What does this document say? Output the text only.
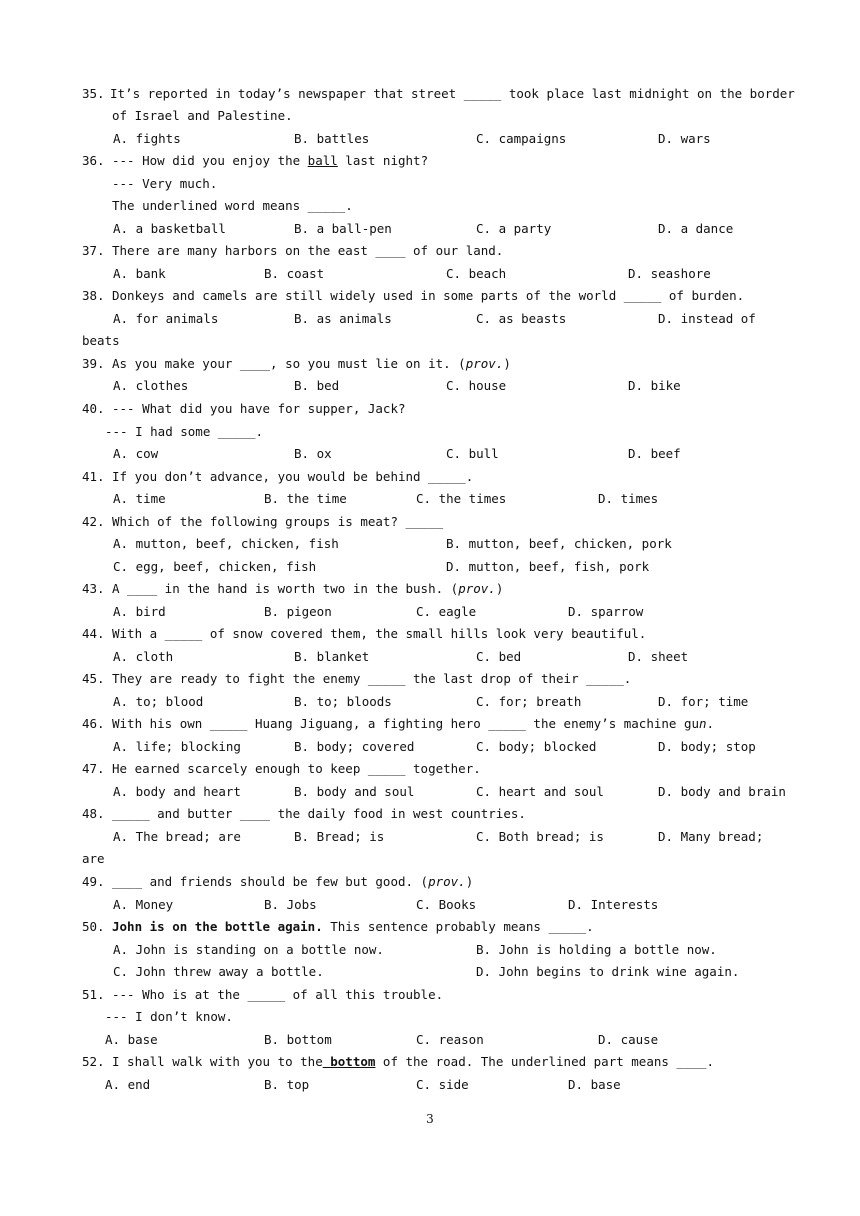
35.

It’s reported in today’s newspaper that street _____ took place last midnight on the border

of Israel and Palestine.

A. fights

	B. battles

	C. campaigns

	D. wars

36.

--- How did you enjoy the ball last night?

--- Very much.

The underlined word means _____.

A. a basketball

	B. a ball-pen

	C. a party

	D. a dance

37.

There are many harbors on the east ____ of our land.

A. bank

	B. coast

	C. beach

	D. seashore

38.

Donkeys and camels are still widely used in some parts of the world _____ of burden.

A. for animals

	B. as animals

	C. as beasts

	D. instead of

beats

39.

As you make your ____, so you must lie on it. (prov.)

A. clothes

	B. bed

	C. house

	D. bike

40.

--- What did you have for supper, Jack?

--- I had some _____.

A. cow

	B. ox

	C. bull

	D. beef

41.

If you don’t advance, you would be behind _____.

A. time

	B. the time

	C. the times

	D. times

42.

Which of the following groups is meat? _____

A. mutton, beef, chicken, fish

	B. mutton, beef, chicken, pork

C. egg, beef, chicken, fish

	D. mutton, beef, fish, pork

43.

A ____ in the hand is worth two in the bush. (prov.)

A. bird

	B. pigeon

	C. eagle

	D. sparrow

44.

With a _____ of snow covered them, the small hills look very beautiful.

A. cloth

	B. blanket

	C. bed

	D. sheet

45.

They are ready to fight the enemy _____ the last drop of their _____.

A. to; blood

	B. to; bloods

	C. for; breath

	D. for; time

46.

With his own _____ Huang Jiguang, a fighting hero _____ the enemy’s machine gun.

A. life; blocking

	B. body; covered

	C. body; blocked

	D. body; stop

47.

He earned scarcely enough to keep _____ together.

A. body and heart

	B. body and soul

	C. heart and soul

	D. body and brain

48.

_____ and butter ____ the daily food in west countries.

A. The bread; are

	B. Bread; is

	C. Both bread; is

	D. Many bread;

are

49.

____ and friends should be few but good. (prov.)

A. Money

	B. Jobs

	C. Books

	D. Interests

50.

John is on the bottle again. This sentence probably means _____.

A. John is standing on a bottle now.

	B. John is holding a bottle now.

C. John threw away a bottle.

	D. John begins to drink wine again.

51.

--- Who is at the _____ of all this trouble.

--- I don’t know.

A. base

	B. bottom

	C. reason

	D. cause

52.

I shall walk with you to the bottom of the road. The underlined part means ____.

A. end

	B. top

	C. side

	D. base

3
